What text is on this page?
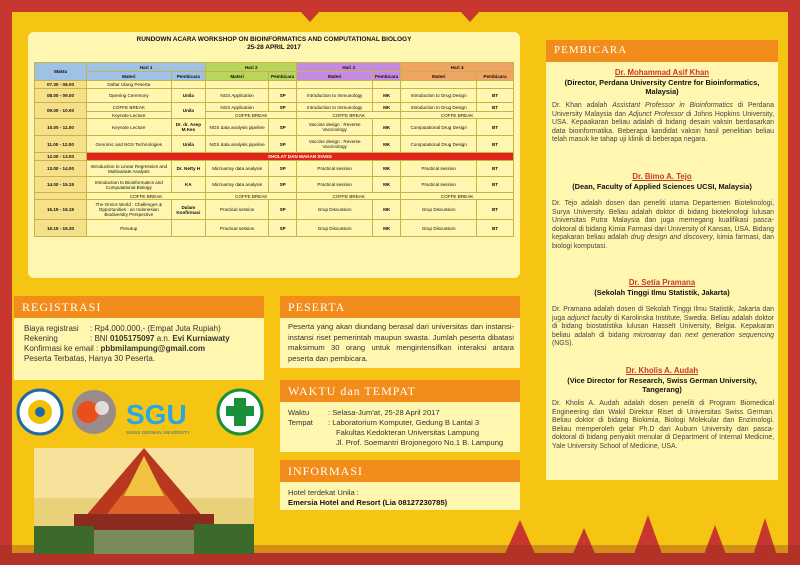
RUNDOWN ACARA WORKSHOP ON BIOINFORMATICS AND COMPUTATIONAL BIOLOGY
25-28 APRIL 2017
Waktu	Hari 1		Hari 2		Hari 3		Hari 4	
	Materi	Pembicara	Materi	Pembicara	Materi	Pembicara	Materi	Pembicara
07.30 - 08.00	Daftar Ulang Peserta							
08.00 - 09.00	Opening Ceremony	Unila	NGS Application	SP	Introduction to Immunology	MK	Introduction to Drug Design	BT
09.00 - 10.00	COFFE BREAK	Unila	NGS Application	SP	Introduction to Immunology	MK	Introduction to Drug Design	BT
	Keynote Lecture		COFFE BREAK		COFFE BREAK		COFFE BREAK	
10.00 - 11.00	Keynote Lecture	Dr. dr. Asep M.Kes	NGS data analysis pipeline	SP	Vaccine design : Reverse Vaccinology	MK	Computational Drug Design	BT
11.00 - 12.00	Genomic and NGS Technologies	Unila	NGS data analysis pipeline	SP	Vaccine design : Reverse Vaccinology	MK	Computational Drug Design	BT
12.00 - 13.00	SHOLAT DAN MAKAN SIANG							
13.00 - 14.00	Introduction to Linear Regression and Multivariate Analysis	Dr. Netty H	Microarray data analysis	SP	Practical session	MK	Practical session	BT
14.00 - 15.15	Introduction to Bioinformatics and Computational Biology	KA	Microarray data analysis	SP	Practical session	MK	Practical session	BT
	COFFE BREAK		COFFE BREAK		COFFE BREAK		COFFE BREAK	
15.15 - 16.15	The Omics World : Challenges & Opportunities : an Indonesian Biodiversity Perspective	Dalam Konfirmasi	Practical session	SP	Grup Discussion	MK	Grup Discussion	BT
16.15 - 16.30	Penutup		Practical session	SP	Grup Discussion	MK	Grup Discussion	BT
REGISTRASI
Biaya registrasi : Rp4.000.000,- (Empat Juta Rupiah)
Rekening	: BNI 0105175097 a.n. Evi Kurniawaty
Konfirmasi ke email : pbbmilampung@gmail.com
Peserta Terbatas, Hanya 30 Peserta.
SGU
SWISS GERMAN UNIVERSITY
PESERTA

Peserta yang akan diundang berasal dari universitas dan instansi-instansi riset pemerintah maupun swasta. Jumlah peserta dibatasi maksimum 30 orang untuk mengintensifkan interaksi antara peserta dan pembicara.

WAKTU dan TEMPAT
Waktu : Selasa-Jum'at, 25-28 April 2017
Tempat : Laboratorium Komputer, Gedung B Lantai 3
Fakultas Kedokteran Universitas Lampung
Jl. Prof. Soemantri Brojonegoro No.1 B. Lampung
INFORMASI
Hotel terdekat Unila :
Emersia Hotel and Resort (Lia 08127230785)
PEMBICARA
Dr. Mohammad Asif Khan
(Director, Perdana University Centre for Bioinformatics,
Malaysia)
Dr. Khan adalah Assistant Professor in Bioinformatics di Perdana University Malaysia dan Adjunct Professor di Johns Hopkins University, USA. Kepaakaran beliau adalah di bidang desain vaksin berdasarkan data bioinformatika. Beberapa kandidat vaksin hasil penelitian beliau telah masuk ke tahap uji klinik di beberapa negara.
Dr. Bimo A. Tejo
(Dean, Faculty of Applied Sciences UCSI, Malaysia)
Dr. Tejo adalah dosen dan peneliti utama Departemen Bioteknologi, Surya University. Beliau adalah doktor di bidang bioteknologi lulusan Universitas Putra Malaysia dan juga memegang kualifikasi pasca-doktoral di bidang Kimia Farmasi dari University of Kansas, USA. Bidang kepakaran beliau adalah drug design and discovery, kimia farmasi, dan biologi komputasi.
Dr. Setia Pramana
(Sekolah Tinggi Ilmu Statistik, Jakarta)
Dr. Pramana adalah dosen di Sekolah Tinggi Ilmu Statistik, Jakarta dan juga adjunct faculty di Karolinska Institute, Swedia. Beliau adalah doktor di bidang biostatistika lulusan Hasselt University, Belgia. Kepakaran beliau adalah di bidang microarray dan next generation sequencing (NGS).
Dr. Kholis A. Audah
(Vice Director for Research, Swiss German University,
Tangerang)
Dr. Kholis A. Audah adalah dosen peneliti di Program Biomedical Engineering dan Wakil Direktur Riset di Universitas Swiss German. Beliau doktor di bidang Biokimia, Biologi Molekular dan Enzimologi. Beliau memperoleh gelar Ph.D dari Auburn University dan pasca-doktoral di bidang penyakit menular di Department of Internal Medicine, Yale University School of Medicine, USA.
